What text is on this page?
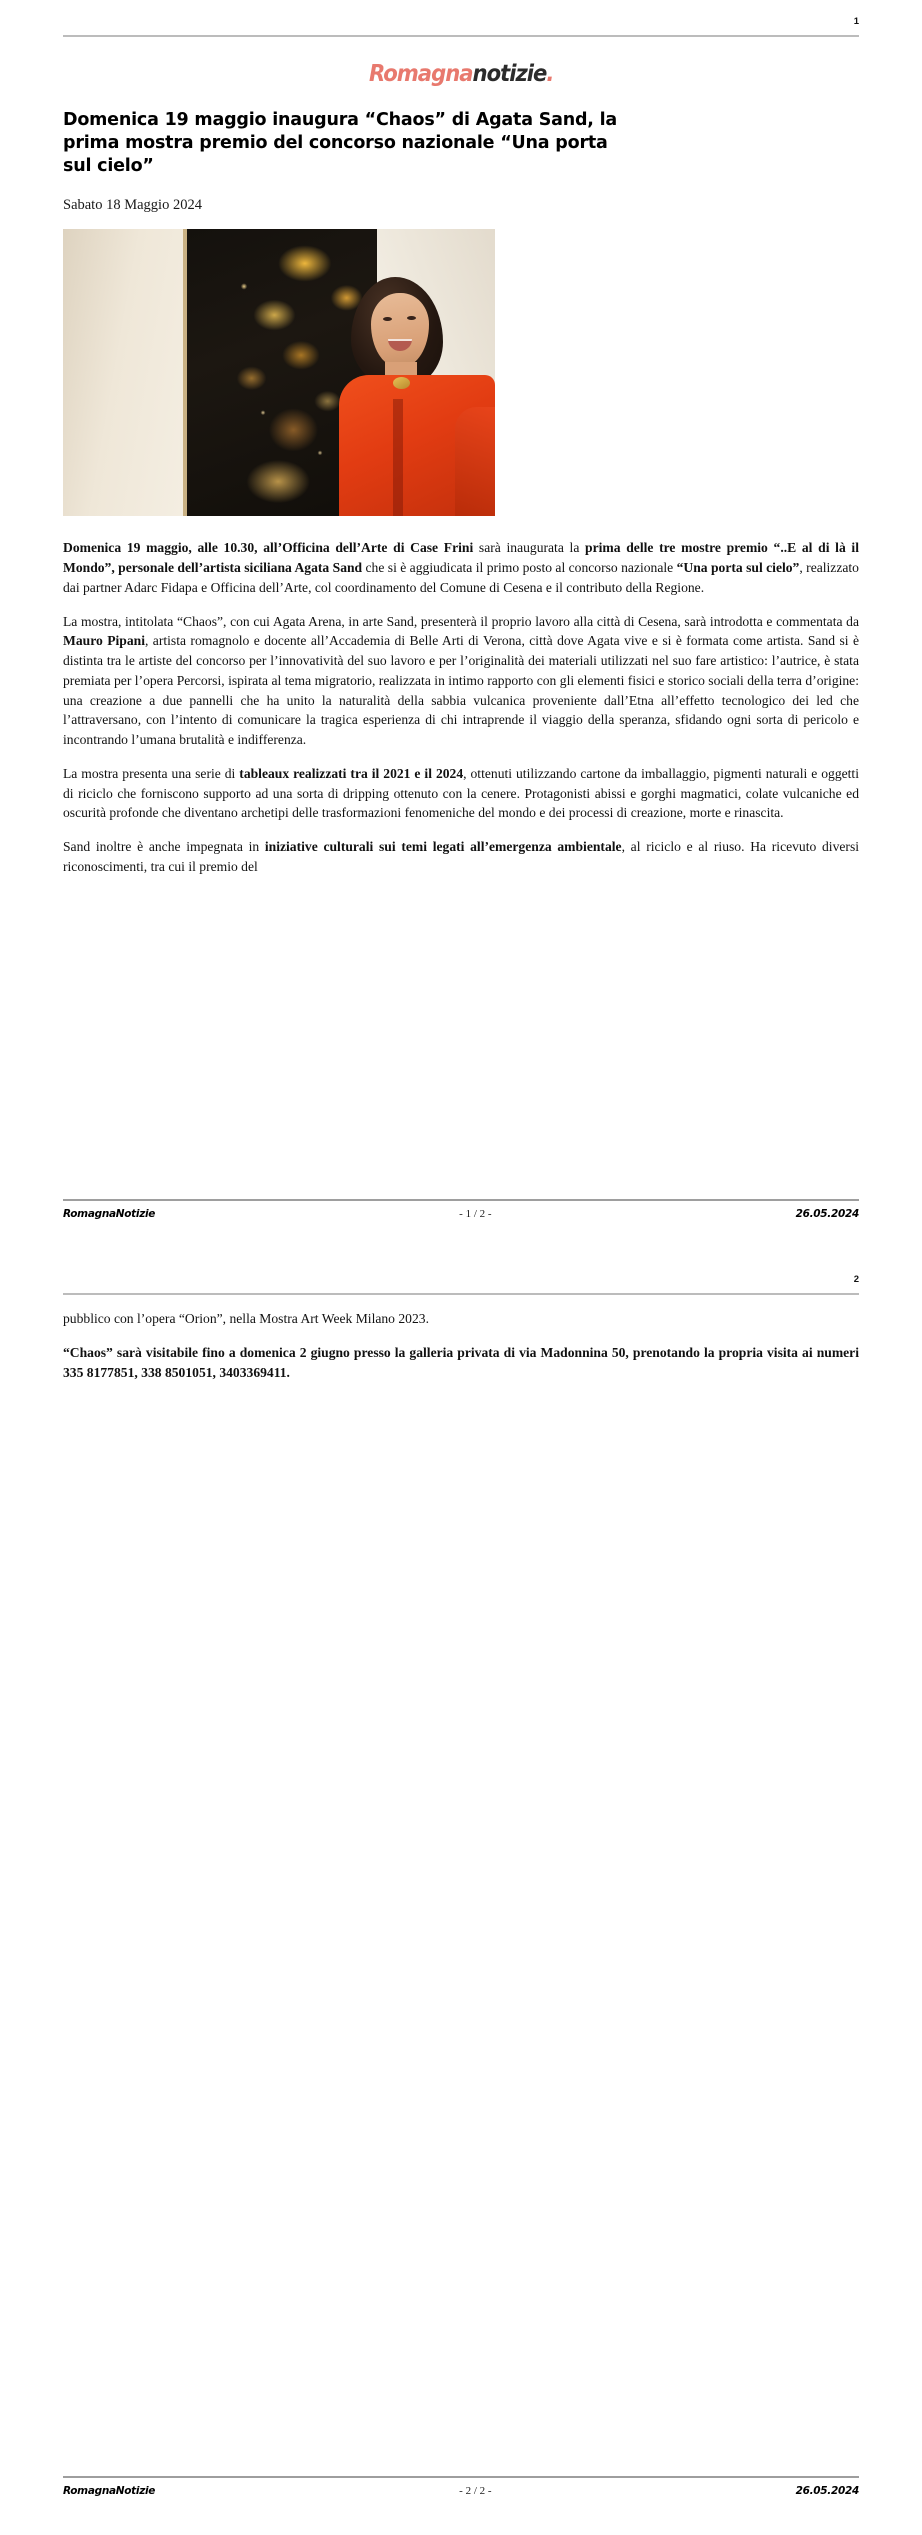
1
Romagnanotizie.
Domenica 19 maggio inaugura “Chaos” di Agata Sand, la prima mostra premio del concorso nazionale “Una porta sul cielo”
Sabato 18 Maggio 2024

Domenica 19 maggio, alle 10.30, all’Officina dell’Arte di Case Frini sarà inaugurata la prima delle tre mostre premio “..E al di là il Mondo”, personale dell’artista siciliana Agata Sand che si è aggiudicata il primo posto al concorso nazionale “Una porta sul cielo”, realizzato dai partner Adarc Fidapa e Officina dell’Arte, col coordinamento del Comune di Cesena e il contributo della Regione.

La mostra, intitolata “Chaos”, con cui Agata Arena, in arte Sand, presenterà il proprio lavoro alla città di Cesena, sarà introdotta e commentata da Mauro Pipani, artista romagnolo e docente all’Accademia di Belle Arti di Verona, città dove Agata vive e si è formata come artista. Sand si è distinta tra le artiste del concorso per l’innovatività del suo lavoro e per l’originalità dei materiali utilizzati nel suo fare artistico: l’autrice, è stata premiata per l’opera Percorsi, ispirata al tema migratorio, realizzata in intimo rapporto con gli elementi fisici e storico sociali della terra d’origine: una creazione a due pannelli che ha unito la naturalità della sabbia vulcanica proveniente dall’Etna all’effetto tecnologico dei led che l’attraversano, con l’intento di comunicare la tragica esperienza di chi intraprende il viaggio della speranza, sfidando ogni sorta di pericolo e incontrando l’umana brutalità e indifferenza.

La mostra presenta una serie di tableaux realizzati tra il 2021 e il 2024, ottenuti utilizzando cartone da imballaggio, pigmenti naturali e oggetti di riciclo che forniscono supporto ad una sorta di dripping ottenuto con la cenere. Protagonisti abissi e gorghi magmatici, colate vulcaniche ed oscurità profonde che diventano archetipi delle trasformazioni fenomeniche del mondo e dei processi di creazione, morte e rinascita.

Sand inoltre è anche impegnata in iniziative culturali sui temi legati all’emergenza ambientale, al riciclo e al riuso. Ha ricevuto diversi riconoscimenti, tra cui il premio del

RomagnaNotizie	- 1 / 2 -	26.05.2024
2

pubblico con l’opera “Orion”, nella Mostra Art Week Milano 2023.

“Chaos” sarà visitabile fino a domenica 2 giugno presso la galleria privata di via Madonnina 50, prenotando la propria visita ai numeri 335 8177851, 338 8501051, 3403369411.

RomagnaNotizie	- 2 / 2 -	26.05.2024
